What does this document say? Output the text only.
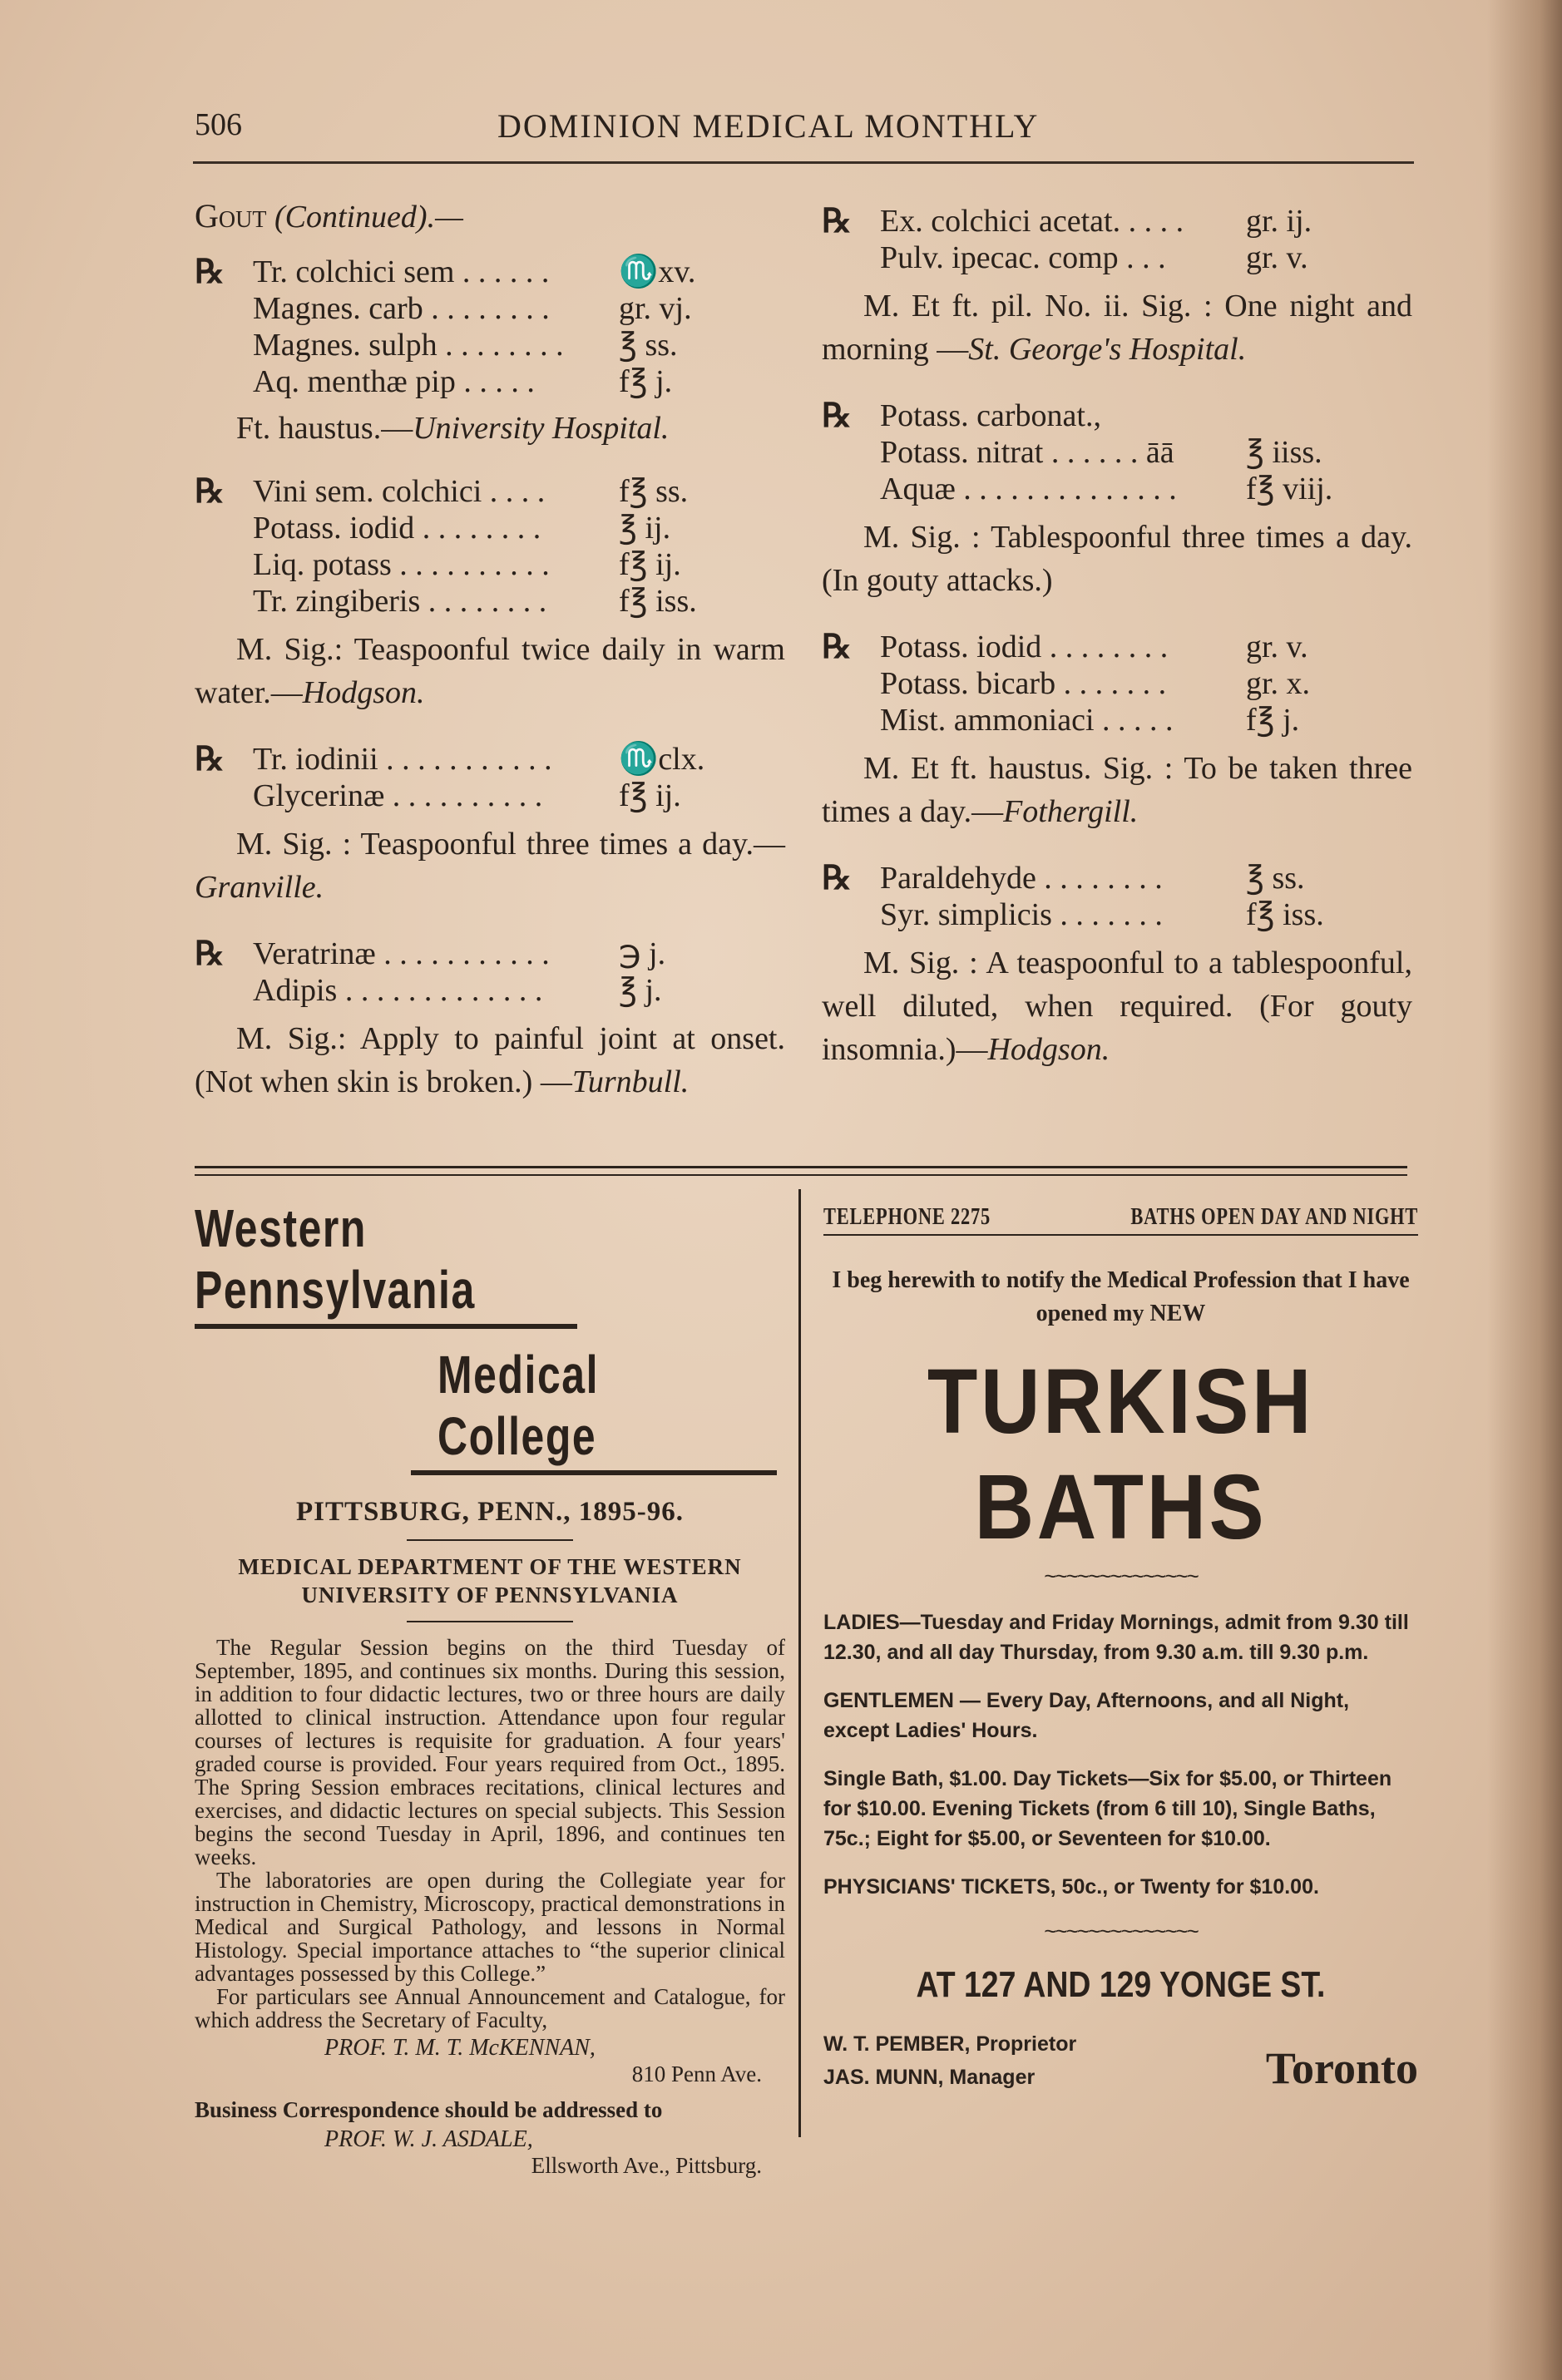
506	DOMINION MEDICAL MONTHLY
Gout (Continued).—
℞ Tr. colchici sem . . . . . .	♏xv.
Magnes. carb . . . . . . . .	gr. vj.
Magnes. sulph . . . . . . . .	℥ ss.
Aq. menthæ pip . . . . .	f℥ j.
Ft. haustus.—University Hospital.
℞ Vini sem. colchici . . . .	f℥ ss.
Potass. iodid . . . . . . . .	℥ ij.
Liq. potass . . . . . . . . . .	f℥ ij.
Tr. zingiberis . . . . . . . .	f℥ iss.

M. Sig.: Teaspoonful twice daily in warm water.—Hodgson.

℞ Tr. iodinii . . . . . . . . . . .	♏clx.
Glycerinæ . . . . . . . . . .	f℥ ij.

M. Sig. : Teaspoonful three times a day.—Granville.

℞ Veratrinæ . . . . . . . . . . .	℈ j.
Adipis . . . . . . . . . . . . .	℥ j.

M. Sig.: Apply to painful joint at onset. (Not when skin is broken.) —Turnbull.

℞ Ex. colchici acetat. . . . .	gr. ij.
Pulv. ipecac. comp . . .	gr. v.

M. Et ft. pil. No. ii. Sig. : One night and morning —St. George's Hospital.

℞ Potass. carbonat.,
Potass. nitrat . . . . . . āā	℥ iiss.
Aquæ . . . . . . . . . . . . . .	f℥ viij.

M. Sig. : Tablespoonful three times a day. (In gouty attacks.)

℞ Potass. iodid . . . . . . . .	gr. v.
Potass. bicarb . . . . . . .	gr. x.
Mist. ammoniaci . . . . .	f℥ j.

M. Et ft. haustus. Sig. : To be taken three times a day.—Fothergill.

℞ Paraldehyde . . . . . . . .	℥ ss.
Syr. simplicis . . . . . . .	f℥ iss.

M. Sig. : A teaspoonful to a tablespoonful, well diluted, when required. (For gouty insomnia.)—Hodgson.

Western Pennsylvania
Medical College
PITTSBURG, PENN., 1895-96.
MEDICAL DEPARTMENT OF THE WESTERN UNIVERSITY OF PENNSYLVANIA

The Regular Session begins on the third Tuesday of September, 1895, and continues six months. During this session, in addition to four didactic lectures, two or three hours are daily allotted to clinical instruction. Attendance upon four regular courses of lectures is requisite for graduation. A four years' graded course is provided. Four years required from Oct., 1895. The Spring Session embraces recitations, clinical lectures and exercises, and didactic lectures on special subjects. This Session begins the second Tuesday in April, 1896, and continues ten weeks.

The laboratories are open during the Collegiate year for instruction in Chemistry, Microscopy, practical demonstrations in Medical and Surgical Pathology, and lessons in Normal Histology. Special importance attaches to “the superior clinical advantages possessed by this College.”

For particulars see Annual Announcement and Catalogue, for which address the Secretary of Faculty,

PROF. T. M. T. McKENNAN,
810 Penn Ave.
Business Correspondence should be addressed to
PROF. W. J. ASDALE,
Ellsworth Ave., Pittsburg.
TELEPHONE 2275	BATHS OPEN DAY AND NIGHT
I beg herewith to notify the Medical Profession that I have opened my NEW
TURKISH BATHS
~~~~~~~~~~~~~~
LADIES—Tuesday and Friday Mornings, admit from 9.30 till 12.30, and all day Thursday, from 9.30 a.m. till 9.30 p.m.
GENTLEMEN — Every Day, Afternoons, and all Night, except Ladies' Hours.
Single Bath, $1.00. Day Tickets—Six for $5.00, or Thirteen for $10.00. Evening Tickets (from 6 till 10), Single Baths, 75c.; Eight for $5.00, or Seventeen for $10.00.
PHYSICIANS' TICKETS, 50c., or Twenty for $10.00.
~~~~~~~~~~~~~~
AT 127 AND 129 YONGE ST.
W. T. PEMBER, Proprietor
JAS. MUNN, Manager	Toronto
